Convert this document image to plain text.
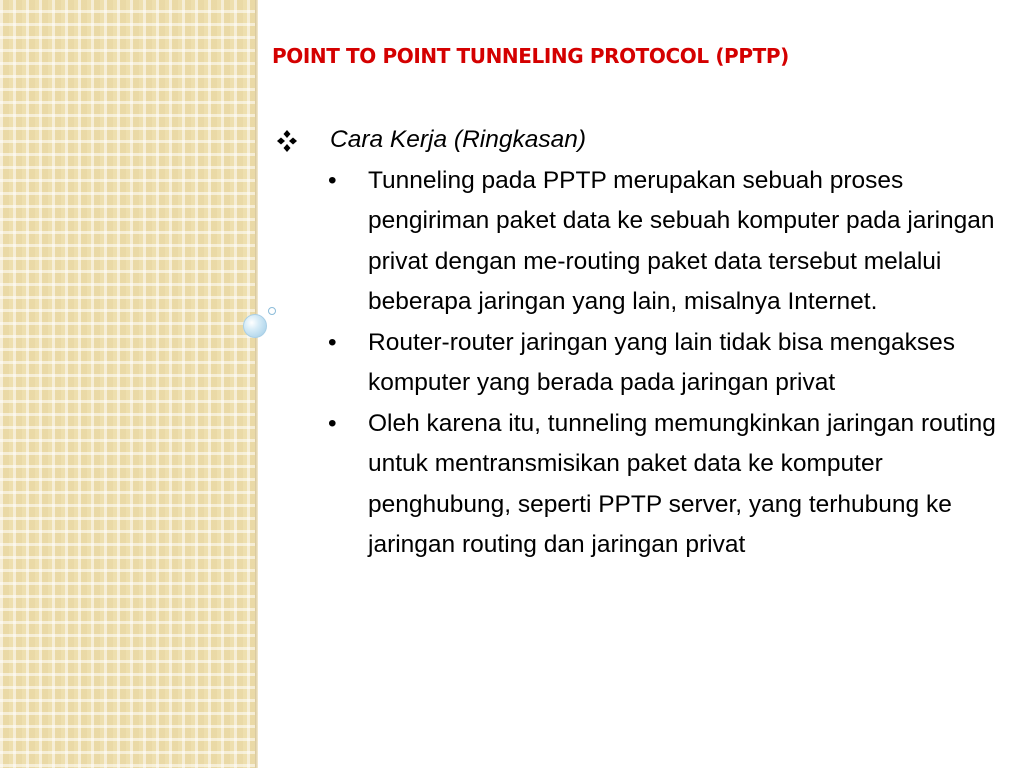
POINT TO POINT TUNNELING PROTOCOL (PPTP)
Cara Kerja (Ringkasan)

• Tunneling pada PPTP merupakan sebuah proses pengiriman paket data ke sebuah komputer pada jaringan privat dengan me-routing paket data tersebut melalui beberapa jaringan yang lain, misalnya Internet.

• Router-router jaringan yang lain tidak bisa mengakses komputer yang berada pada jaringan privat

• Oleh karena itu, tunneling memungkinkan jaringan routing untuk mentransmisikan paket data ke komputer penghubung, seperti PPTP server, yang terhubung ke jaringan routing dan jaringan privat
